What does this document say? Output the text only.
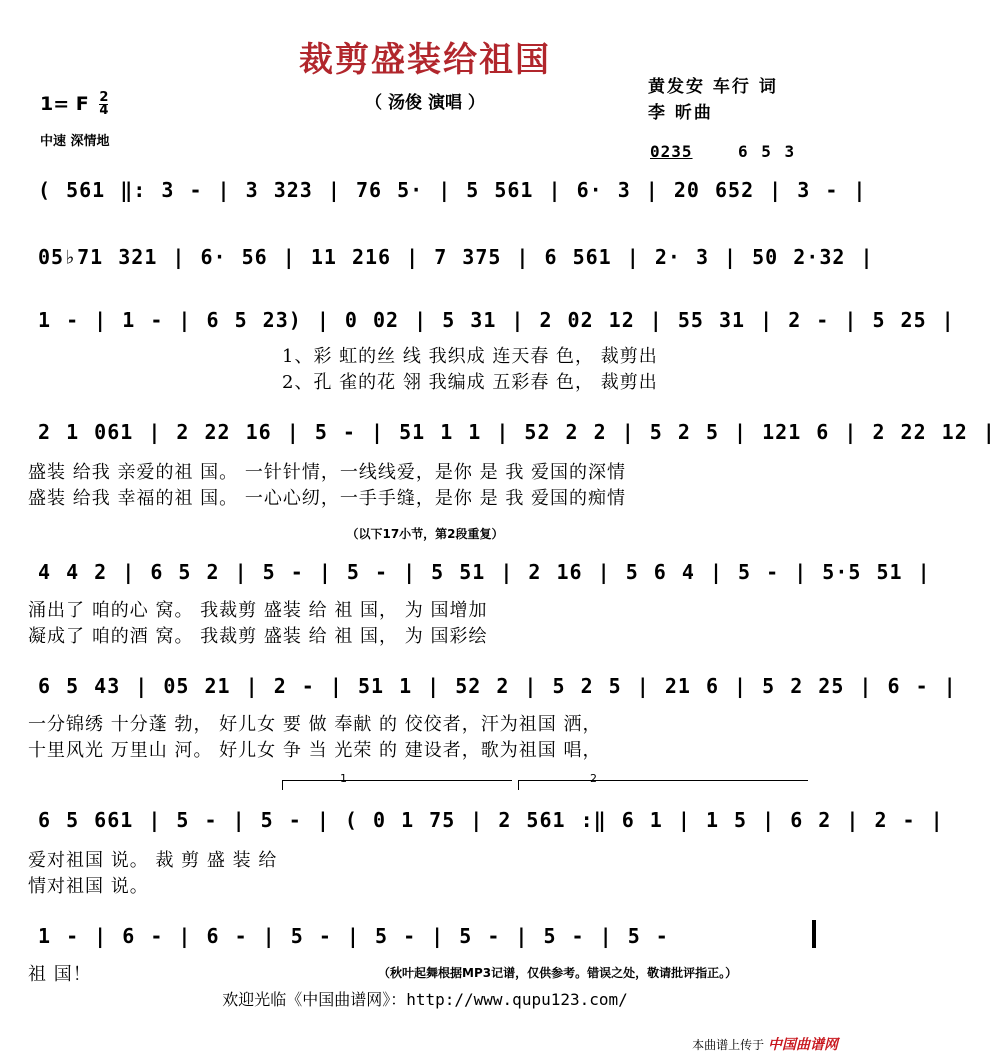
裁剪盛装给祖国
（ 汤俊 演唱 ）
黄发安 车行 词
李 昕曲
1= F $\frac{2}{4}$
中速 深情地
0235	6 5 3
( 561 ‖: 3 - | 3 323 | 76 5· | 5 561 | 6· 3 | 20 652 | 3 - |
05♭71 321 | 6· 56 | 11 216 | 7 375 | 6 561 | 2· 3 | 50 2·32 |
1 - | 1 - | 6 5 23) | 0 02 | 5 31 | 2 02 12 | 55 31 | 2 - | 5 25 |
1、彩 虹的丝 线 我织成 连天春 色， 裁剪出
2、孔 雀的花 翎 我编成 五彩春 色， 裁剪出
2 1 061 | 2 22 16 | 5 - | 51 1 1 | 52 2 2 | 5 2 5 | 121 6 | 2 22 12 |
盛装 给我 亲爱的祖 国。 一针针情，一线线爱，是你 是 我 爱国的深情
盛装 给我 幸福的祖 国。 一心心纫，一手手缝，是你 是 我 爱国的痴情
（以下17小节，第2段重复）
4 4 2 | 6 5 2 | 5 - | 5 - | 5 51 | 2 16 | 5 6 4 | 5 - | 5·5 51 |
涌出了 咱的心 窝。 我裁剪 盛装 给 祖 国， 为 国增加
凝成了 咱的酒 窝。 我裁剪 盛装 给 祖 国， 为 国彩绘
6 5 43 | 05 21 | 2 - | 51 1 | 52 2 | 5 2 5 | 21 6 | 5 2 25 | 6 - |
一分锦绣 十分蓬 勃， 好儿女 要 做 奉献 的 佼佼者，汗为祖国 洒，
十里风光 万里山 河。 好儿女 争 当 光荣 的 建设者，歌为祖国 唱，
1	2
6 5 661 | 5 - | 5 - | ( 0 1 75 | 2 561 :‖ 6 1 | 1 5 | 6 2 | 2 - |
爱对祖国 说。 裁 剪 盛 装 给
情对祖国 说。
1 - | 6 - | 6 - | 5 - | 5 - | 5 - | 5 - | 5 -
祖 国！	（秋叶起舞根据MP3记谱，仅供参考。错误之处，敬请批评指正。）
欢迎光临《中国曲谱网》：http://www.qupu123.com/
本曲谱上传于 中国曲谱网
